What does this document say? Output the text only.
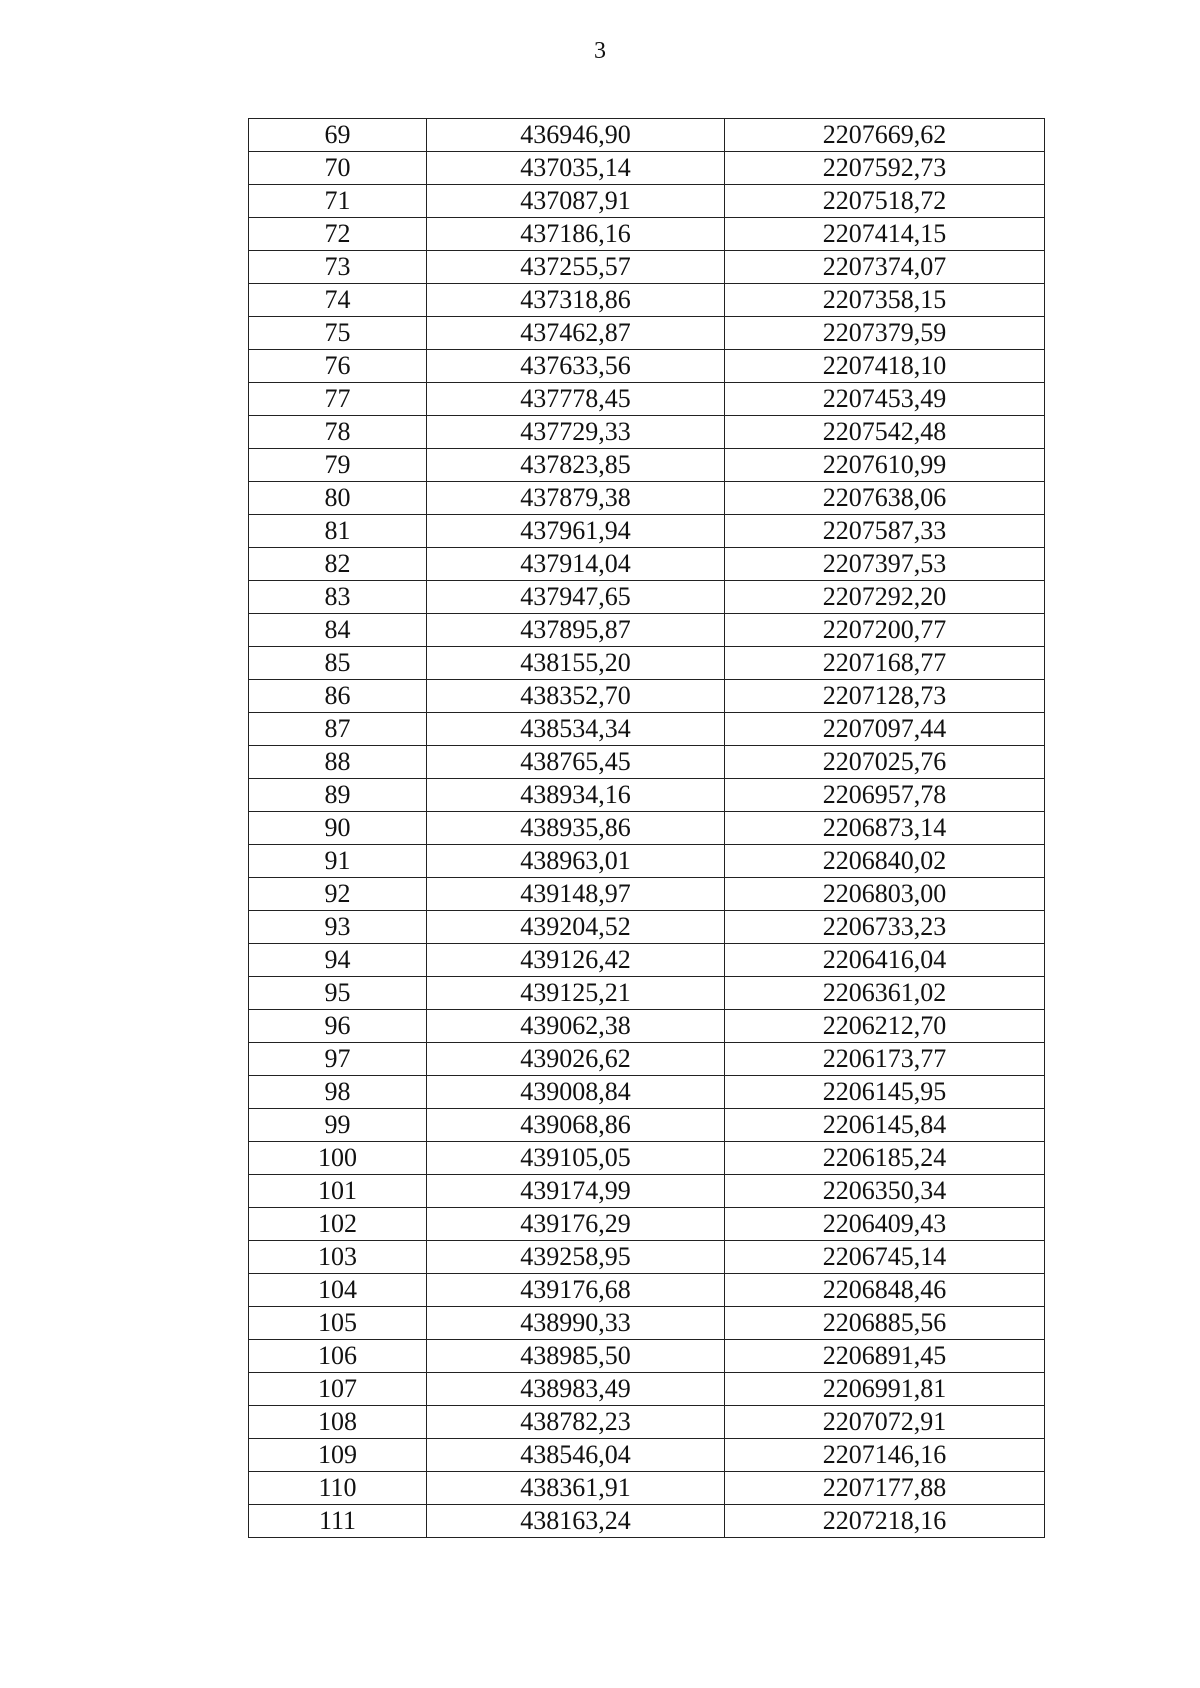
3
69	436946,90	2207669,62
70	437035,14	2207592,73
71	437087,91	2207518,72
72	437186,16	2207414,15
73	437255,57	2207374,07
74	437318,86	2207358,15
75	437462,87	2207379,59
76	437633,56	2207418,10
77	437778,45	2207453,49
78	437729,33	2207542,48
79	437823,85	2207610,99
80	437879,38	2207638,06
81	437961,94	2207587,33
82	437914,04	2207397,53
83	437947,65	2207292,20
84	437895,87	2207200,77
85	438155,20	2207168,77
86	438352,70	2207128,73
87	438534,34	2207097,44
88	438765,45	2207025,76
89	438934,16	2206957,78
90	438935,86	2206873,14
91	438963,01	2206840,02
92	439148,97	2206803,00
93	439204,52	2206733,23
94	439126,42	2206416,04
95	439125,21	2206361,02
96	439062,38	2206212,70
97	439026,62	2206173,77
98	439008,84	2206145,95
99	439068,86	2206145,84
100	439105,05	2206185,24
101	439174,99	2206350,34
102	439176,29	2206409,43
103	439258,95	2206745,14
104	439176,68	2206848,46
105	438990,33	2206885,56
106	438985,50	2206891,45
107	438983,49	2206991,81
108	438782,23	2207072,91
109	438546,04	2207146,16
110	438361,91	2207177,88
111	438163,24	2207218,16
